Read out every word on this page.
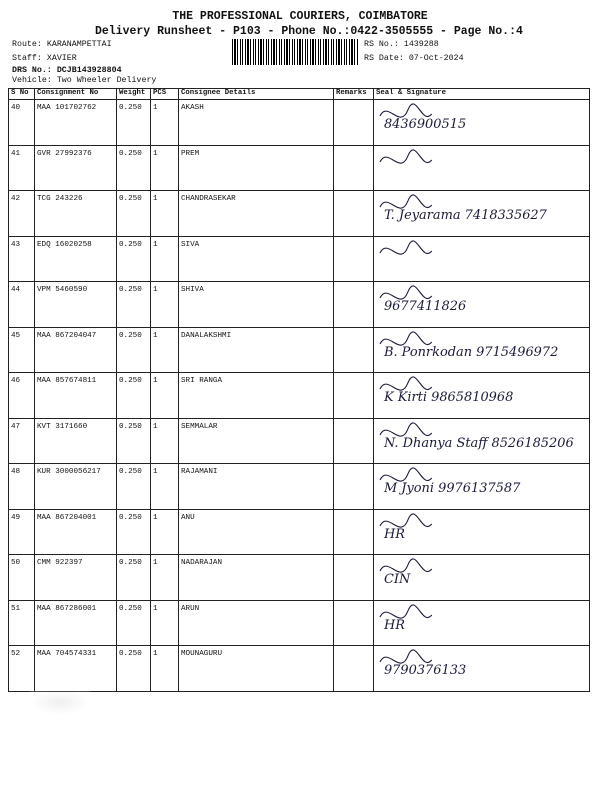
THE PROFESSIONAL COURIERS, COIMBATORE
Delivery Runsheet - P103 - Phone No.:0422-3505555 - Page No.:4
Route: KARANAMPETTAI
Staff: XAVIER
DRS No.: DCJB143928804
Vehicle: Two Wheeler Delivery
RS No.: 1439288
RS Date: 07-Oct-2024
S No	Consignment No	Weight	PCS	Consignee Details	Remarks	Seal & Signature
40	MAA 101702762	0.250	1	AKASH		8436900515

41	GVR 27992376	0.250	1	PREM		

42	TCG 243226	0.250	1	CHANDRASEKAR		T. Jeyarama 7418335627

43	EDQ 16020258	0.250	1	SIVA		

44	VPM 5460590	0.250	1	SHIVA		9677411826

45	MAA 867204047	0.250	1	DANALAKSHMI		B. Ponrkodan 9715496972

46	MAA 857674811	0.250	1	SRI RANGA		K Kirti 9865810968

47	KVT 3171660	0.250	1	SEMMALAR		N. Dhanya Staff 8526185206

48	KUR 3000056217	0.250	1	RAJAMANI		M Jyoni 9976137587

49	MAA 867204001	0.250	1	ANU		HR

50	CMM 922397	0.250	1	NADARAJAN		CIN

51	MAA 867286001	0.250	1	ARUN		HR

52	MAA 704574331	0.250	1	MOUNAGURU		9790376133
